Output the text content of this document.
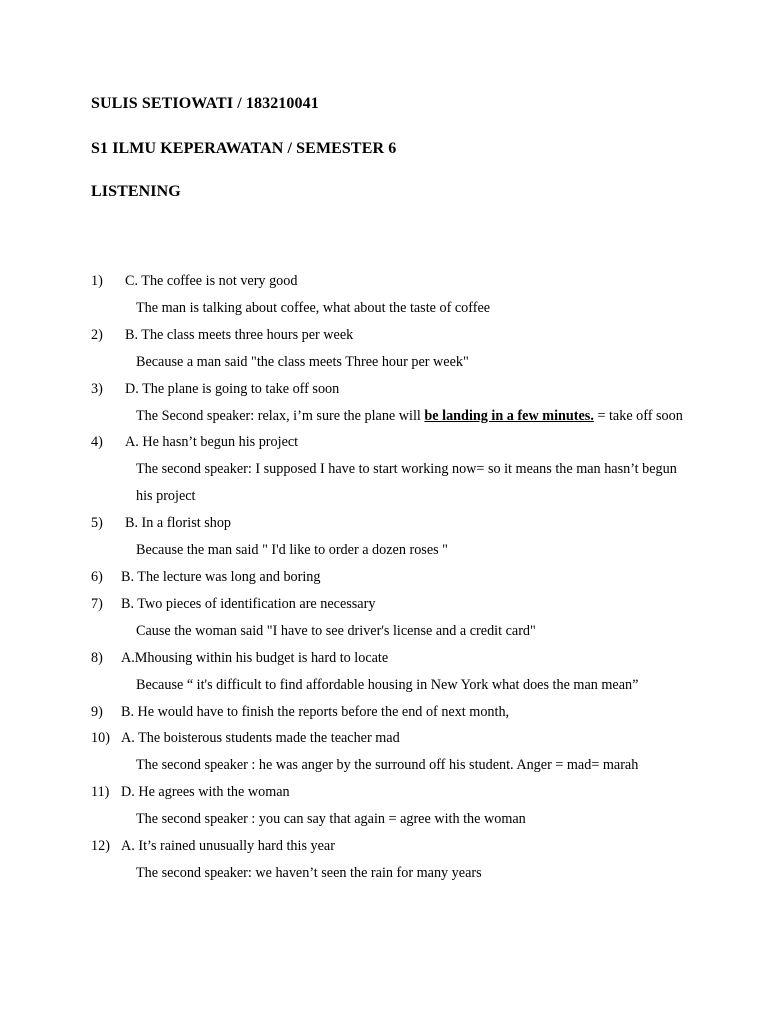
SULIS SETIOWATI / 183210041
S1 ILMU KEPERAWATAN / SEMESTER 6
LISTENING
1) C. The coffee is not very good
The man is talking about coffee, what about the taste of coffee
2) B. The class meets three hours per week
Because a man said "the class meets Three hour per week"
3) D. The plane is going to take off soon
The Second speaker: relax, i’m sure the plane will be landing in a few minutes. = take off soon
4) A. He hasn’t begun his project
The second speaker: I supposed I have to start working now= so it means the man hasn’t begun his project
5) B. In a florist shop
Because the man said " I'd like to order a dozen roses "
6) B. The lecture was long and boring
7) B. Two pieces of identification are necessary
Cause the woman said "I have to see driver's license and a credit card"
8) A.Mhousing within his budget is hard to locate
Because “ it's difficult to find affordable housing in New York what does the man mean”
9) B. He would have to finish the reports before the end of next month,
10) A. The boisterous students made the teacher mad
The second speaker : he was anger by the surround off his student. Anger = mad= marah
11) D. He agrees with the woman
The second speaker : you can say that again = agree with the woman
12) A. It’s rained unusually hard this year
The second speaker: we haven’t seen the rain for many years
